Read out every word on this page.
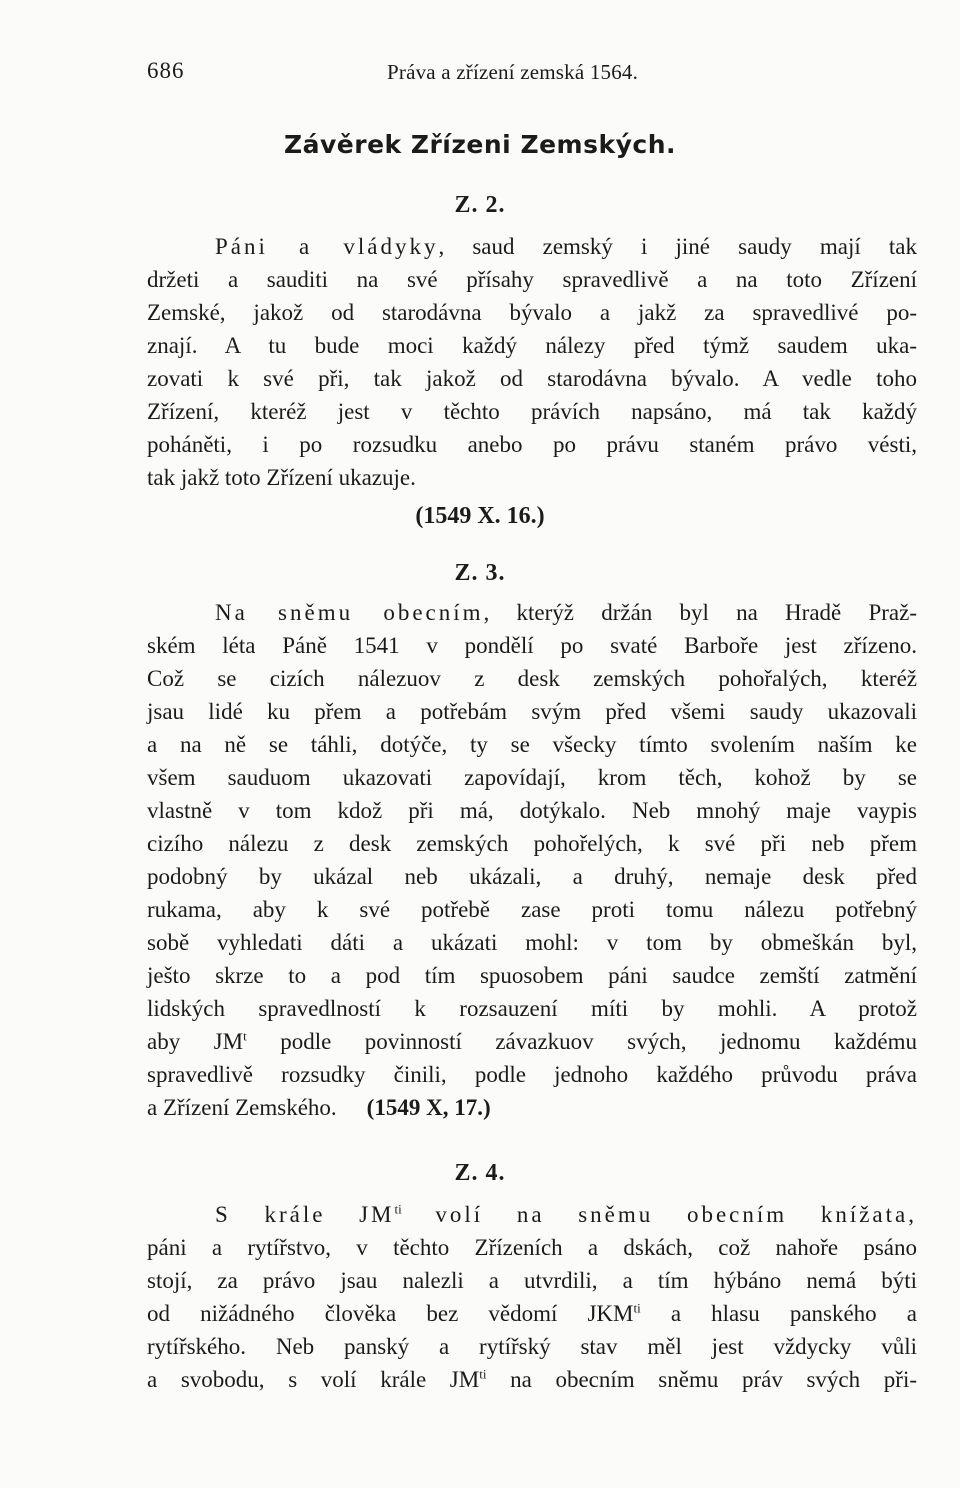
686	Práva a zřízení zemská 1564.
Závěrek Zřízeni Zemských.
Z. 2.
Páni a vládyky, saud zemský i jiné saudy mají tak
držeti a sauditi na své přísahy spravedlivě a na toto Zřízení
Zemské, jakož od starodávna bývalo a jakž za spravedlivé po-
znají. A tu bude moci každý nálezy před týmž saudem uka-
zovati k své při, tak jakož od starodávna bývalo. A vedle toho
Zřízení, kteréž jest v těchto právích napsáno, má tak každý
poháněti, i po rozsudku anebo po právu staném právo vésti,
tak jakž toto Zřízení ukazuje.
(1549 X. 16.)
Z. 3.
Na sněmu obecním, kterýž držán byl na Hradě Praž-
ském léta Páně 1541 v pondělí po svaté Barboře jest zřízeno.
Což se cizích nálezuov z desk zemských pohořalých, kteréž
jsau lidé ku přem a potřebám svým před všemi saudy ukazovali
a na ně se táhli, dotýče, ty se všecky tímto svolením naším ke
všem sauduom ukazovati zapovídají, krom těch, kohož by se
vlastně v tom kdož při má, dotýkalo. Neb mnohý maje vaypis
cizího nálezu z desk zemských pohořelých, k své při neb přem
podobný by ukázal neb ukázali, a druhý, nemaje desk před
rukama, aby k své potřebě zase proti tomu nálezu potřebný
sobě vyhledati dáti a ukázati mohl: v tom by obmeškán byl,
ješto skrze to a pod tím spuosobem páni saudce zemští zatmění
lidských spravedlností k rozsauzení míti by mohli. A protož
aby $JM^t$ podle povinností závazkuov svých, jednomu každému
spravedlivě rozsudky činili, podle jednoho každého průvodu práva
a Zřízení Zemského. (1549 X, 17.)
Z. 4.
S krále $JM^{ti}$ volí na sněmu obecním knížata,
páni a rytířstvo, v těchto Zřízeních a dskách, což nahoře psáno
stojí, za právo jsau nalezli a utvrdili, a tím hýbáno nemá býti
od nižádného člověka bez vědomí $JKM^{ti}$ a hlasu panského a
rytířského. Neb panský a rytířský stav měl jest vždycky vůli
a svobodu, s volí krále $JM^{ti}$ na obecním sněmu práv svých při-
